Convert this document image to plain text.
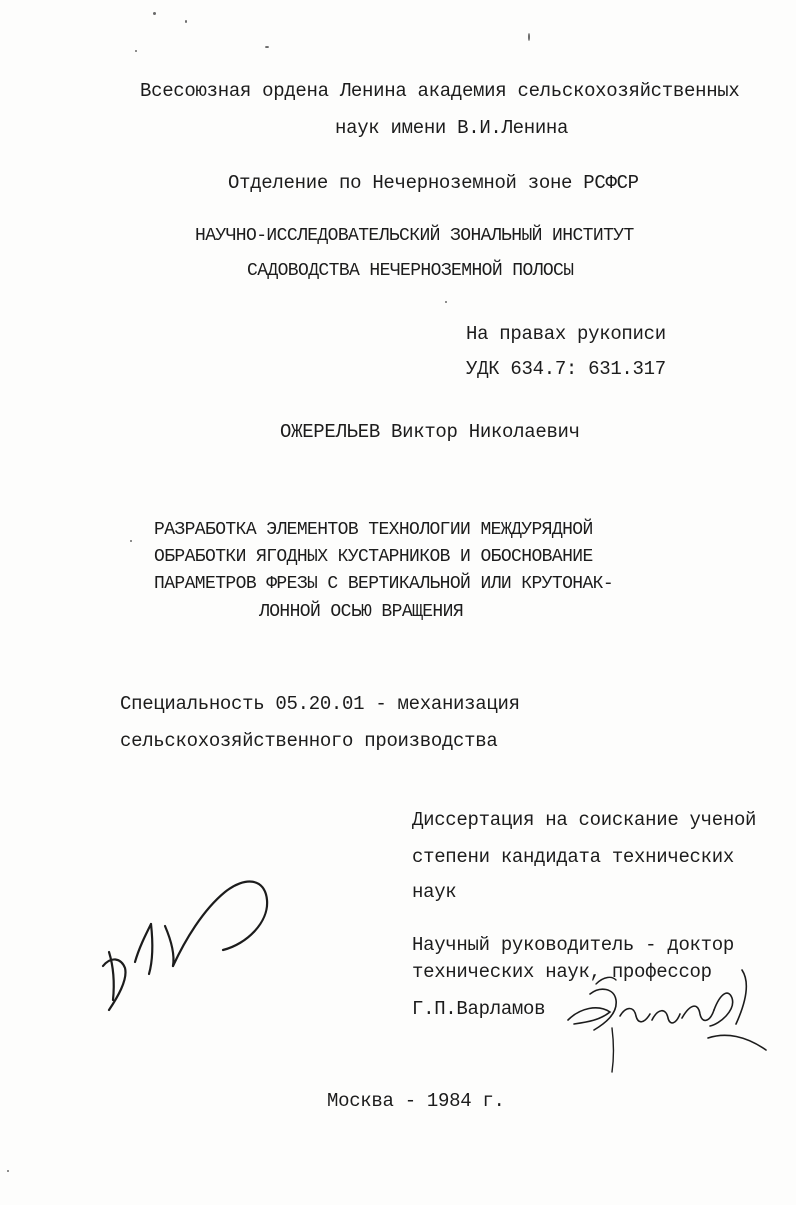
Всесоюзная ордена Ленина академия сельскохозяйственных
наук имени В.И.Ленина
Отделение по Нечерноземной зоне РСФСР
НАУЧНО-ИССЛЕДОВАТЕЛЬСКИЙ ЗОНАЛЬНЫЙ ИНСТИТУТ
САДОВОДСТВА НЕЧЕРНОЗЕМНОЙ ПОЛОСЫ
На правах рукописи
УДК 634.7: 631.317
ОЖЕРЕЛЬЕВ Виктор Николаевич
РАЗРАБОТКА ЭЛЕМЕНТОВ ТЕХНОЛОГИИ МЕЖДУРЯДНОЙ
ОБРАБОТКИ ЯГОДНЫХ КУСТАРНИКОВ И ОБОСНОВАНИЕ
ПАРАМЕТРОВ ФРЕЗЫ С ВЕРТИКАЛЬНОЙ ИЛИ КРУТОНАК-
ЛОННОЙ ОСЬЮ ВРАЩЕНИЯ
Специальность 05.20.01 - механизация
сельскохозяйственного производства
Диссертация на соискание ученой
степени кандидата технических
наук
Научный руководитель - доктор
технических наук, профессор
Г.П.Варламов
Москва - 1984 г.
